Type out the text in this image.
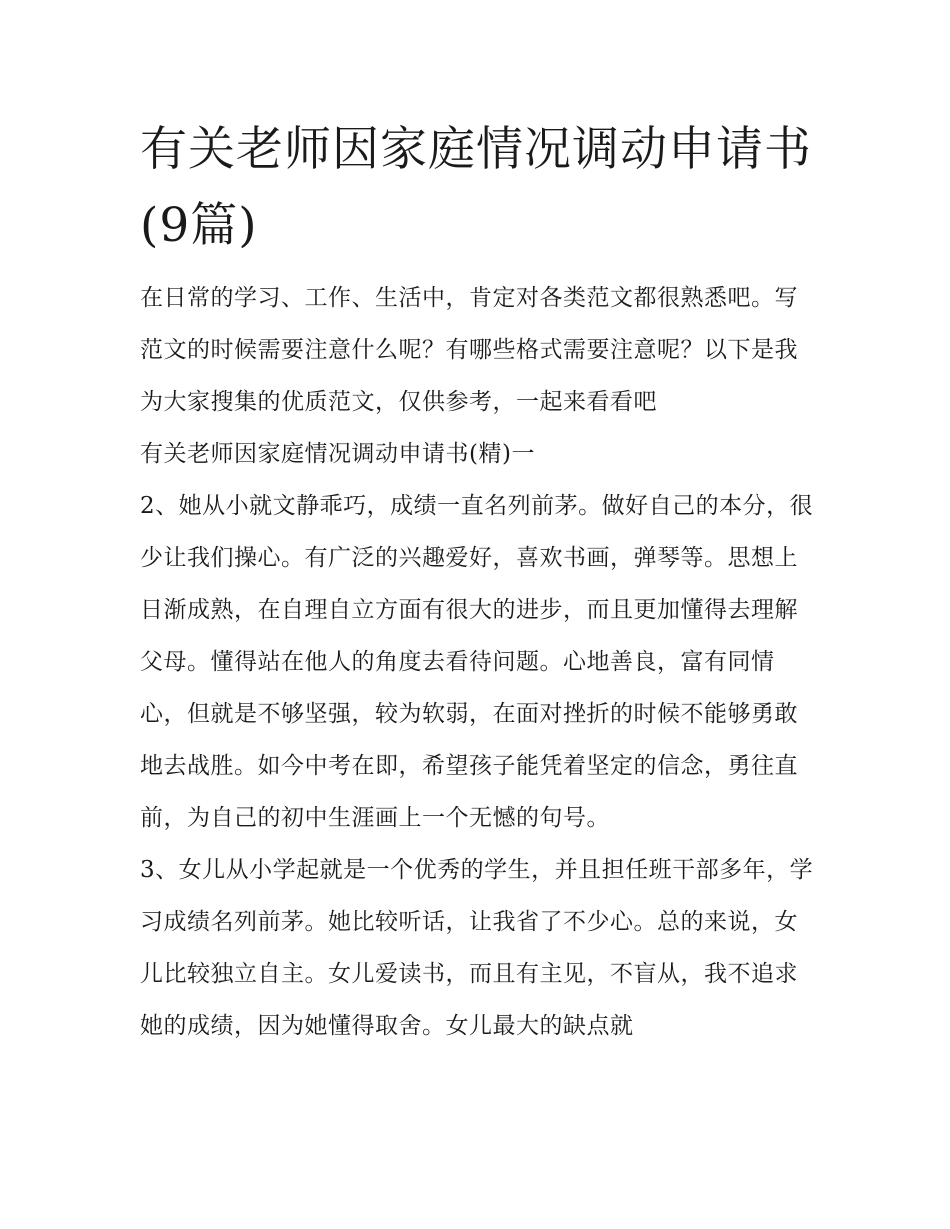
有关老师因家庭情况调动申请书(9篇)

在日常的学习、工作、生活中，肯定对各类范文都很熟悉吧。写范文的时候需要注意什么呢？有哪些格式需要注意呢？以下是我为大家搜集的优质范文，仅供参考，一起来看看吧

有关老师因家庭情况调动申请书(精)一

2、她从小就文静乖巧，成绩一直名列前茅。做好自己的本分，很少让我们操心。有广泛的兴趣爱好，喜欢书画，弹琴等。思想上日渐成熟，在自理自立方面有很大的进步，而且更加懂得去理解父母。懂得站在他人的角度去看待问题。心地善良，富有同情心，但就是不够坚强，较为软弱，在面对挫折的时候不能够勇敢地去战胜。如今中考在即，希望孩子能凭着坚定的信念，勇往直前，为自己的初中生涯画上一个无憾的句号。

3、女儿从小学起就是一个优秀的学生，并且担任班干部多年，学习成绩名列前茅。她比较听话，让我省了不少心。总的来说，女儿比较独立自主。女儿爱读书，而且有主见，不盲从，我不追求她的成绩，因为她懂得取舍。女儿最大的缺点就
